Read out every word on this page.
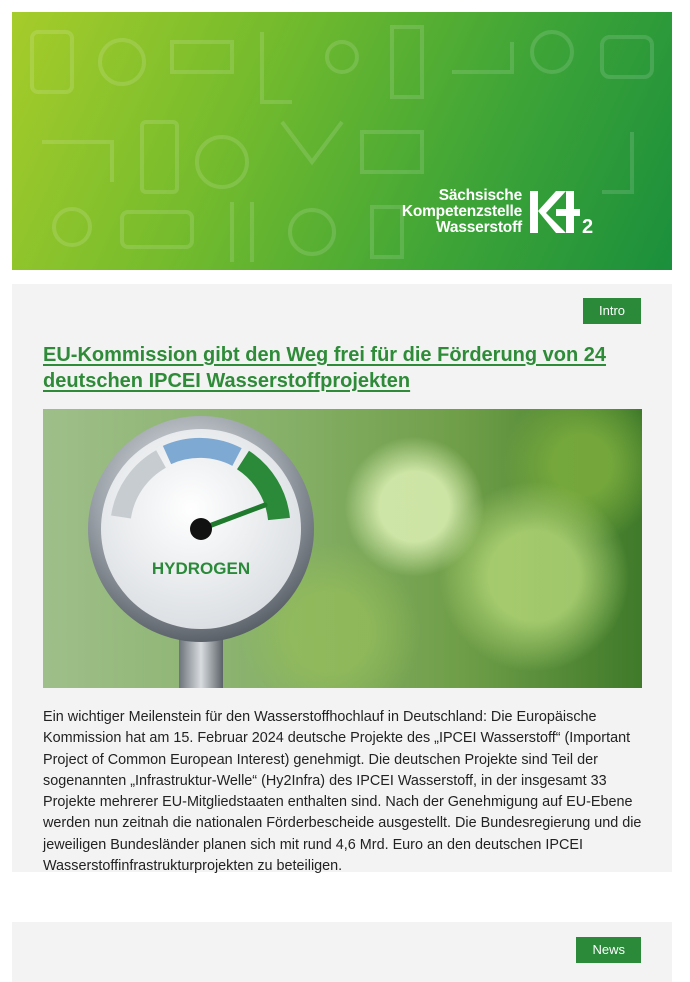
Sächsische
Kompetenzstelle
Wasserstoff	2
Intro
EU-Kommission gibt den Weg frei für die Förderung von 24 deutschen IPCEI Wasserstoffprojekten
HYDROGEN
Ein wichtiger Meilenstein für den Wasserstoffhochlauf in Deutschland: Die Europäische Kommission hat am 15. Februar 2024 deutsche Projekte des „IPCEI Wasserstoff“ (Important Project of Common European Interest) genehmigt. Die deutschen Projekte sind Teil der sogenannten „Infrastruktur-Welle“ (Hy2Infra) des IPCEI Wasserstoff, in der insgesamt 33 Projekte mehrerer EU-Mitgliedstaaten enthalten sind. Nach der Genehmigung auf EU-Ebene werden nun zeitnah die nationalen Förderbescheide ausgestellt. Die Bundesregierung und die jeweiligen Bundesländer planen sich mit rund 4,6 Mrd. Euro an den deutschen IPCEI Wasserstoffinfrastrukturprojekten zu beteiligen.
News
